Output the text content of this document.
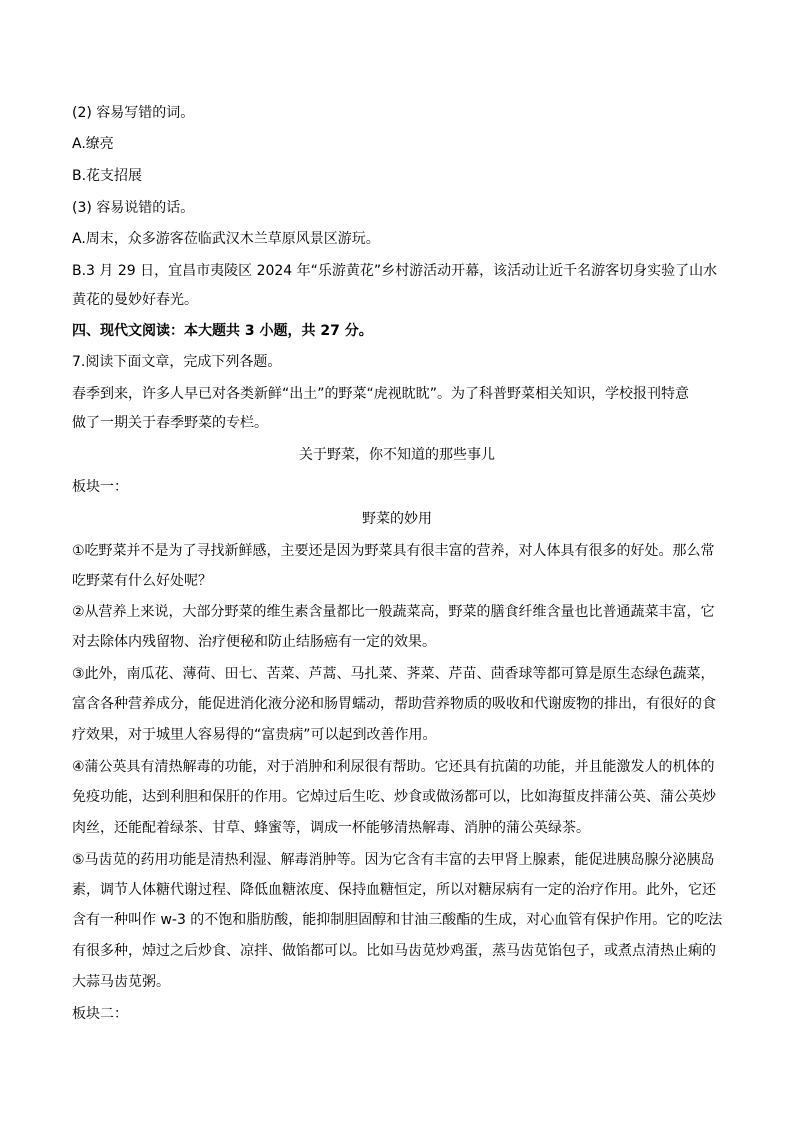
(2) 容易写错的词。
A.缭亮
B.花支招展
(3) 容易说错的话。
A.周末，众多游客莅临武汉木兰草原风景区游玩。
B.3 月 29 日，宜昌市夷陵区 2024 年“乐游黄花”乡村游活动开幕，该活动让近千名游客切身实验了山水
黄花的曼妙好春光。
四、现代文阅读：本大题共 3 小题，共 27 分。
7.阅读下面文章，完成下列各题。
春季到来，许多人早已对各类新鲜“出土”的野菜“虎视眈眈”。为了科普野菜相关知识，学校报刊特意
做了一期关于春季野菜的专栏。
关于野菜，你不知道的那些事儿
板块一：
野菜的妙用
①吃野菜并不是为了寻找新鲜感，主要还是因为野菜具有很丰富的营养，对人体具有很多的好处。那么常
吃野菜有什么好处呢？
②从营养上来说，大部分野菜的维生素含量都比一般蔬菜高，野菜的膳食纤维含量也比普通蔬菜丰富，它
对去除体内残留物、治疗便秘和防止结肠癌有一定的效果。
③此外，南瓜花、薄荷、田七、苦菜、芦蒿、马扎菜、荠菜、芹苗、茴香球等都可算是原生态绿色蔬菜，
富含各种营养成分，能促进消化液分泌和肠胃蠕动，帮助营养物质的吸收和代谢废物的排出，有很好的食
疗效果，对于城里人容易得的“富贵病”可以起到改善作用。
④蒲公英具有清热解毒的功能，对于消肿和利尿很有帮助。它还具有抗菌的功能，并且能激发人的机体的
免疫功能，达到利胆和保肝的作用。它焯过后生吃、炒食或做汤都可以，比如海蜇皮拌蒲公英、蒲公英炒
肉丝，还能配着绿茶、甘草、蜂蜜等，调成一杯能够清热解毒、消肿的蒲公英绿茶。
⑤马齿苋的药用功能是清热利湿、解毒消肿等。因为它含有丰富的去甲肾上腺素，能促进胰岛腺分泌胰岛
素，调节人体糖代谢过程、降低血糖浓度、保持血糖恒定，所以对糖尿病有一定的治疗作用。此外，它还
含有一种叫作 w-3 的不饱和脂肪酸，能抑制胆固醇和甘油三酸酯的生成，对心血管有保护作用。它的吃法
有很多种，焯过之后炒食、凉拌、做馅都可以。比如马齿苋炒鸡蛋，蒸马齿苋馅包子，或煮点清热止痢的
大蒜马齿苋粥。
板块二：
